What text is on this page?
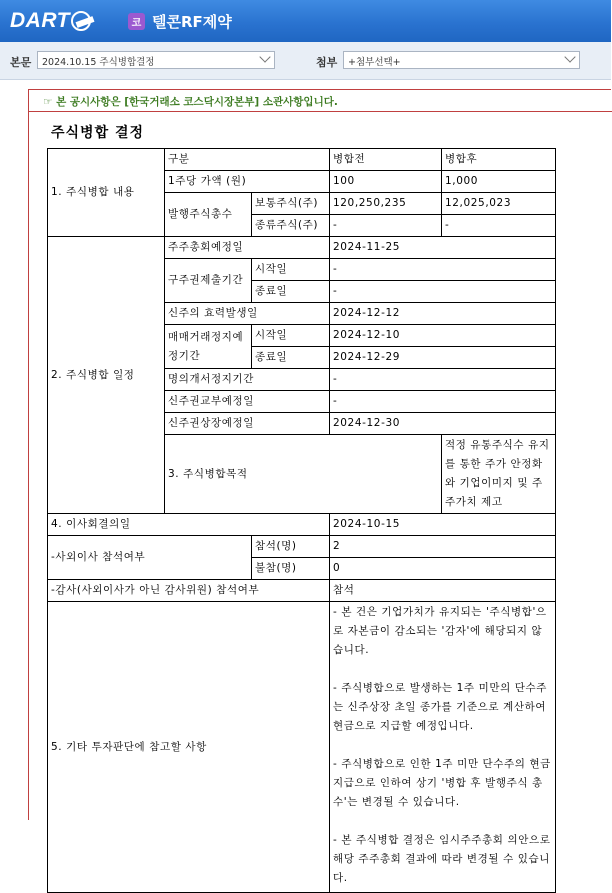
DART	코 텔콘RF제약
본문	2024.10.15 주식병합결정	첨부	+첨부선택+
☞ 본 공시사항은 [한국거래소 코스닥시장본부] 소관사항입니다.
주식병합 결정
1. 주식병합 내용	구분		병합전	병합후
	1주당 가액 (원)		100	1,000
	발행주식총수	보통주식(주)	120,250,235	12,025,023
		종류주식(주)	-	-
2. 주식병합 일정	주주총회예정일		2024-11-25	
	구주권제출기간	시작일	-	
		종료일	-	
	신주의 효력발생일		2024-12-12	
	매매거래정지예정기간	시작일	2024-12-10	
		종료일	2024-12-29	
	명의개서정지기간		-	
	신주권교부예정일		-	
	신주권상장예정일		2024-12-30	
	3. 주식병합목적			적정 유통주식수 유지를 통한 주가 안정화와 기업이미지 및 주주가치 제고
4. 이사회결의일			2024-10-15	
-사외이사 참석여부		참석(명)	2	
		불참(명)	0	
-감사(사외이사가 아닌 감사위원) 참석여부			참석	
5. 기타 투자판단에 참고할 사항			- 본 건은 기업가치가 유지되는 '주식병합'으로 자본금이 감소되는 '감자'에 해당되지 않습니다.
- 주식병합으로 발생하는 1주 미만의 단수주는 신주상장 초일 종가를 기준으로 계산하여 현금으로 지급할 예정입니다.
- 주식병합으로 인한 1주 미만 단수주의 현금지급으로 인하여 상기 '병합 후 발행주식 총수'는 변경될 수 있습니다.
- 본 주식병합 결정은 임시주주총회 의안으로 해당 주주총회 결과에 따라 변경될 수 있습니다.	
